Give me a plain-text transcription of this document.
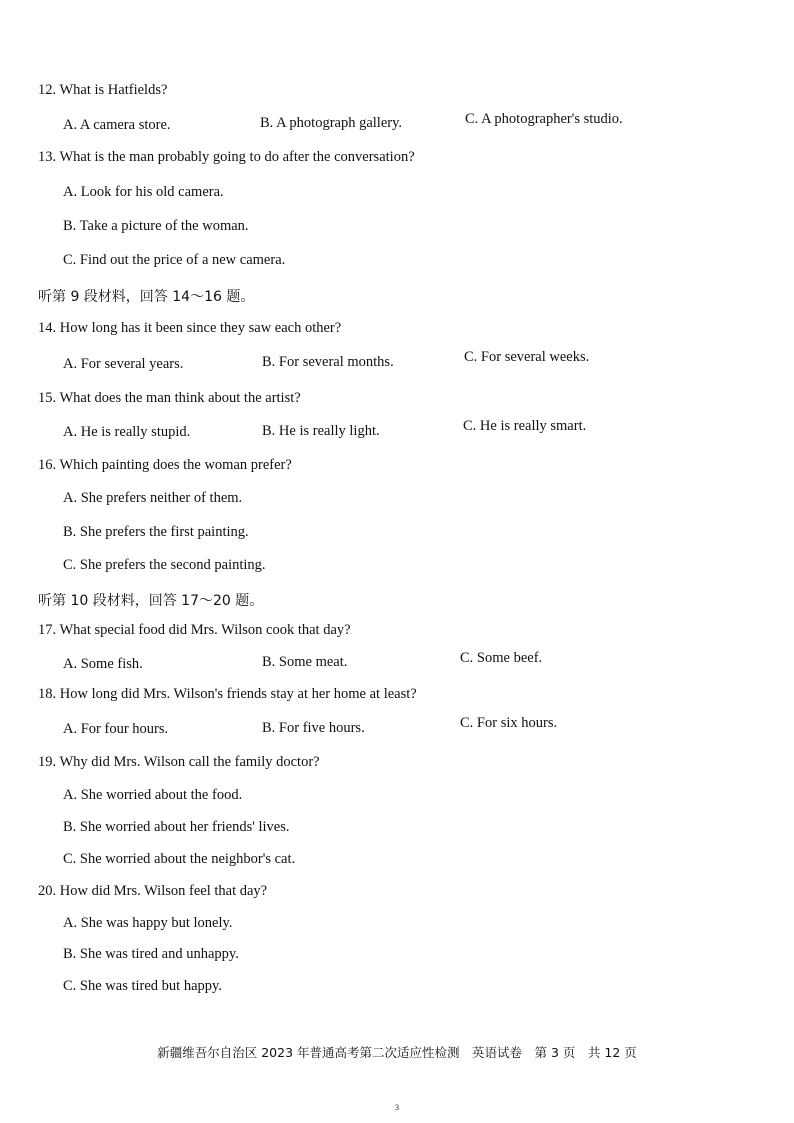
12. What is Hatfields?
A. A camera store.	B. A photograph gallery.	C. A photographer's studio.
13. What is the man probably going to do after the conversation?
A. Look for his old camera.
B. Take a picture of the woman.
C. Find out the price of a new camera.
听第 9 段材料，回答 14～16 题。
14. How long has it been since they saw each other?
A. For several years.	B. For several months.	C. For several weeks.
15. What does the man think about the artist?
A. He is really stupid.	B. He is really light.	C. He is really smart.
16. Which painting does the woman prefer?
A. She prefers neither of them.
B. She prefers the first painting.
C. She prefers the second painting.
听第 10 段材料，回答 17～20 题。
17. What special food did Mrs. Wilson cook that day?
A. Some fish.	B. Some meat.	C. Some beef.
18. How long did Mrs. Wilson's friends stay at her home at least?
A. For four hours.	B. For five hours.	C. For six hours.
19. Why did Mrs. Wilson call the family doctor?
A. She worried about the food.
B. She worried about her friends' lives.
C. She worried about the neighbor's cat.
20. How did Mrs. Wilson feel that day?
A. She was happy but lonely.
B. She was tired and unhappy.
C. She was tired but happy.
新疆维吾尔自治区 2023 年普通高考第二次适应性检测　英语试卷　第 3 页　共 12 页
3
